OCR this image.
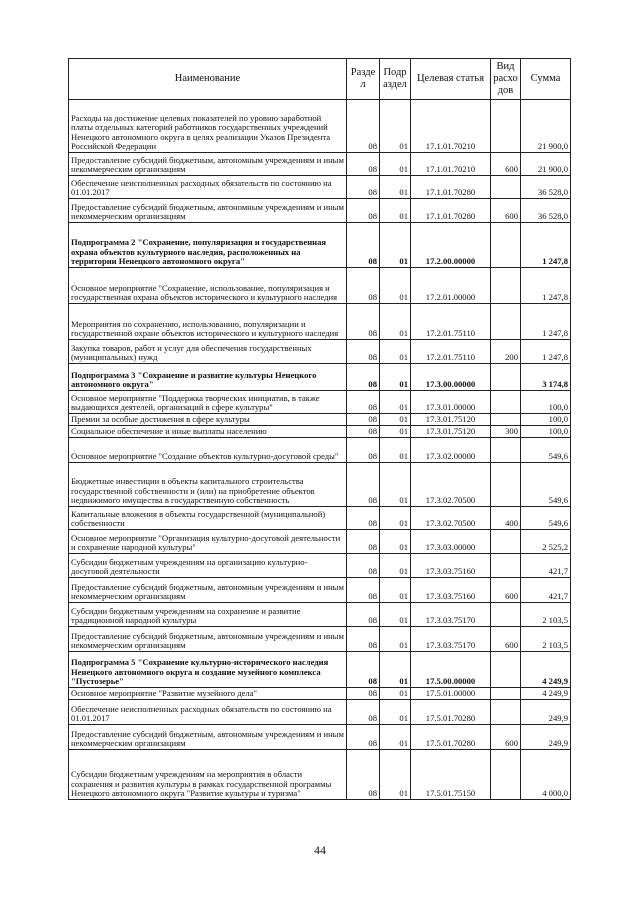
Наименование	Разде л	Подр аздел	Целевая статья	Вид расхо дов	Сумма
Расходы на достижение целевых показателей по уровню заработной платы отдельных категорий работников государственных учреждений Ненецкого автономного округа в целях реализации Указов Президента Российской Федерации	08	01	17.1.01.70210		21 900,0
Предоставление субсидий бюджетным, автономным учреждениям и иным некоммерческим организациям	08	01	17.1.01.70210	600	21 900,0
Обеспечение неисполненных расходных обязательств по состоянию на 01.01.2017	08	01	17.1.01.70280		36 528,0
Предоставление субсидий бюджетным, автономным учреждениям и иным некоммерческим организациям	08	01	17.1.01.70280	600	36 528,0
Подпрограмма 2 "Сохранение, популяризация и государственная охрана объектов культурного наследия, расположенных на территории Ненецкого автономного округа"	08	01	17.2.00.00000		1 247,8
Основное мероприятие "Сохранение, использование, популяризация и государственная охрана объектов исторического и культурного наследия	08	01	17.2.01.00000		1 247,8
Мероприятия по сохранению, использованию, популяризации и государственной охране объектов исторического и культурного наследия	08	01	17.2.01.75110		1 247,8
Закупка товаров, работ и услуг для обеспечения государственных (муниципальных) нужд	08	01	17.2.01.75110	200	1 247,8
Подпрограмма 3 "Сохранение и развитие культуры Ненецкого автономного округа"	08	01	17.3.00.00000		3 174,8
Основное мероприятие "Поддержка творческих инициатив, в также выдающихся деятелей, организаций в сфере культуры"	08	01	17.3.01.00000		100,0
Премии за особые достижения в сфере культуры	08	01	17.3.01.75120		100,0
Социальное обеспечение и иные выплаты населению	08	01	17.3.01.75120	300	100,0
Основное мероприятие "Создание объектов культурно-досуговой среды"	08	01	17.3.02.00000		549,6
Бюджетные инвестиции в объекты капитального строительства государственной собственности и (или) на приобретение объектов недвижимого имущества в государственную собственность	08	01	17.3.02.70500		549,6
Капитальные вложения в объекты государственной (муниципальной) собственности	08	01	17.3.02.70500	400	549,6
Основное мероприятие "Организация культурно-досуговой деятельности и сохранение народной культуры"	08	01	17.3.03.00000		2 525,2
Субсидии бюджетным учреждениям на организацию культурно-досуговой деятельности	08	01	17.3.03.75160		421,7
Предоставление субсидий бюджетным, автономным учреждениям и иным некоммерческим организациям	08	01	17.3.03.75160	600	421,7
Субсидии бюджетным учреждениям на сохранение и развитие традиционной народной культуры	08	01	17.3.03.75170		2 103,5
Предоставление субсидий бюджетным, автономным учреждениям и иным некоммерческим организациям	08	01	17.3.03.75170	600	2 103,5
Подпрограмма 5 "Сохранение культурно-исторического наследия Ненецкого автономного округа и создание музейного комплекса "Пустозерье"	08	01	17.5.00.00000		4 249,9
Основное мероприятие "Развитие музейного дела"	08	01	17.5.01.00000		4 249,9
Обеспечение неисполненных расходных обязательств по состоянию на 01.01.2017	08	01	17.5.01.70280		249,9
Предоставление субсидий бюджетным, автономным учреждениям и иным некоммерческим организациям	08	01	17.5.01.70280	600	249,9
Субсидии бюджетным учреждениям на мероприятия в области сохранения и развития культуры в рамках государственной программы Ненецкого автономного округа "Развитие культуры и туризма"	08	01	17.5.01.75150		4 000,0
44
